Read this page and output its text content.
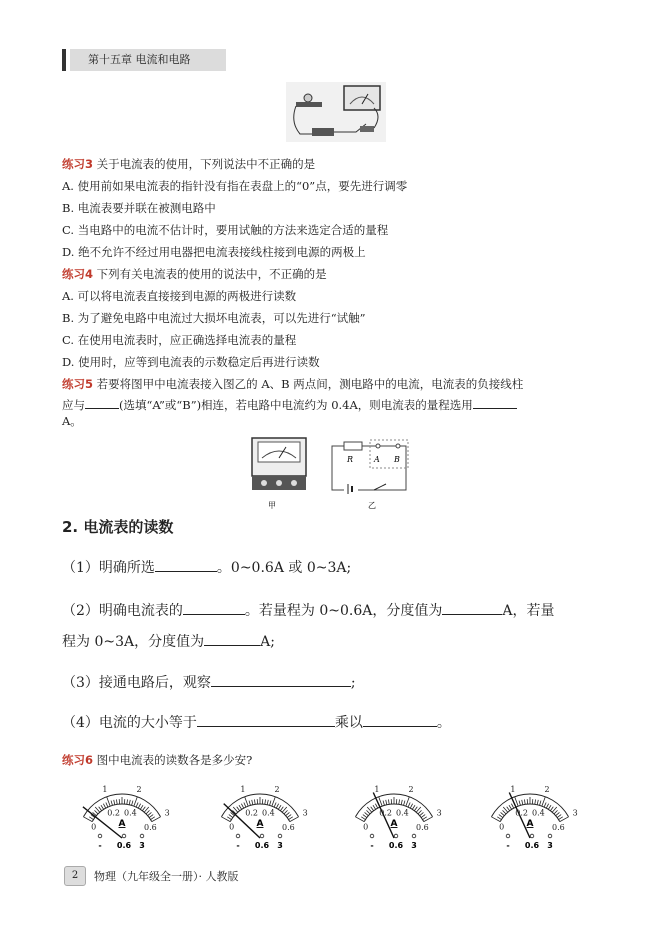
第十五章 电流和电路
练习3 关于电流表的使用，下列说法中不正确的是
A. 使用前如果电流表的指针没有指在表盘上的“0”点，要先进行调零
B. 电流表要并联在被测电路中
C. 当电路中的电流不估计时，要用试触的方法来选定合适的量程
D. 绝不允许不经过用电器把电流表接线柱接到电源的两极上
练习4 下列有关电流表的使用的说法中，不正确的是
A. 可以将电流表直接接到电源的两极进行读数
B. 为了避免电路中电流过大损坏电流表，可以先进行“试触”
C. 在使用电流表时，应正确选择电流表的量程
D. 使用时，应等到电流表的示数稳定后再进行读数
练习5 若要将图甲中电流表接入图乙的 A、B 两点间，测电路中的电流，电流表的负接线柱
应与	(选填“A”或“B”)相连，若电路中电流约为 0.4A，则电流表的量程选用
A。
甲
R	A B
乙
2. 电流表的读数
（1）明确所选	。0~0.6A 或 0~3A;
（2）明确电流表的	。若量程为 0~0.6A，分度值为	A，若量
程为 0~3A，分度值为	A;
（3）接通电路后，观察	;
（4）电流的大小等于	乘以	。
练习6 图中电流表的读数各是多少安?
1	2
3
0
0.2 0.4
0.6
A
- 0.6 3
1	2
3
0
0.2 0.4
0.6
A
- 0.6 3
1	2
3
0
0.2 0.4
0.6
A
- 0.6 3
1	2
3
0
0.2 0.4
0.6
A
- 0.6 3
2	物理（九年级全一册）· 人教版
